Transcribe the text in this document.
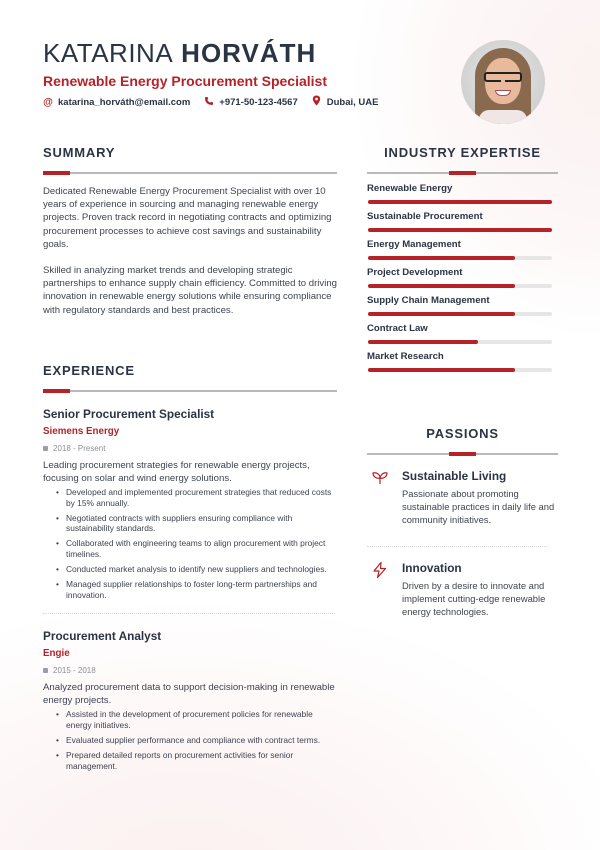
KATARINA HORVÁTH
Renewable Energy Procurement Specialist
@ katarina_horváth@email.com	+971-50-123-4567	Dubai, UAE
SUMMARY

Dedicated Renewable Energy Procurement Specialist with over 10 years of experience in sourcing and managing renewable energy projects. Proven track record in negotiating contracts and optimizing procurement processes to achieve cost savings and sustainability goals.

Skilled in analyzing market trends and developing strategic partnerships to enhance supply chain efficiency. Committed to driving innovation in renewable energy solutions while ensuring compliance with regulatory standards and best practices.

EXPERIENCE
Senior Procurement Specialist
Siemens Energy
2018 - Present
Leading procurement strategies for renewable energy projects, focusing on solar and wind energy solutions.
• Developed and implemented procurement strategies that reduced costs by 15% annually.
• Negotiated contracts with suppliers ensuring compliance with sustainability standards.
• Collaborated with engineering teams to align procurement with project timelines.
• Conducted market analysis to identify new suppliers and technologies.
• Managed supplier relationships to foster long-term partnerships and innovation.
Procurement Analyst
Engie
2015 - 2018
Analyzed procurement data to support decision-making in renewable energy projects.
• Assisted in the development of procurement policies for renewable energy initiatives.
• Evaluated supplier performance and compliance with contract terms.
• Prepared detailed reports on procurement activities for senior management.
INDUSTRY EXPERTISE
Renewable Energy
Sustainable Procurement
Energy Management
Project Development
Supply Chain Management
Contract Law
Market Research
PASSIONS
Sustainable Living
Passionate about promoting sustainable practices in daily life and community initiatives.
Innovation
Driven by a desire to innovate and implement cutting-edge renewable energy technologies.
